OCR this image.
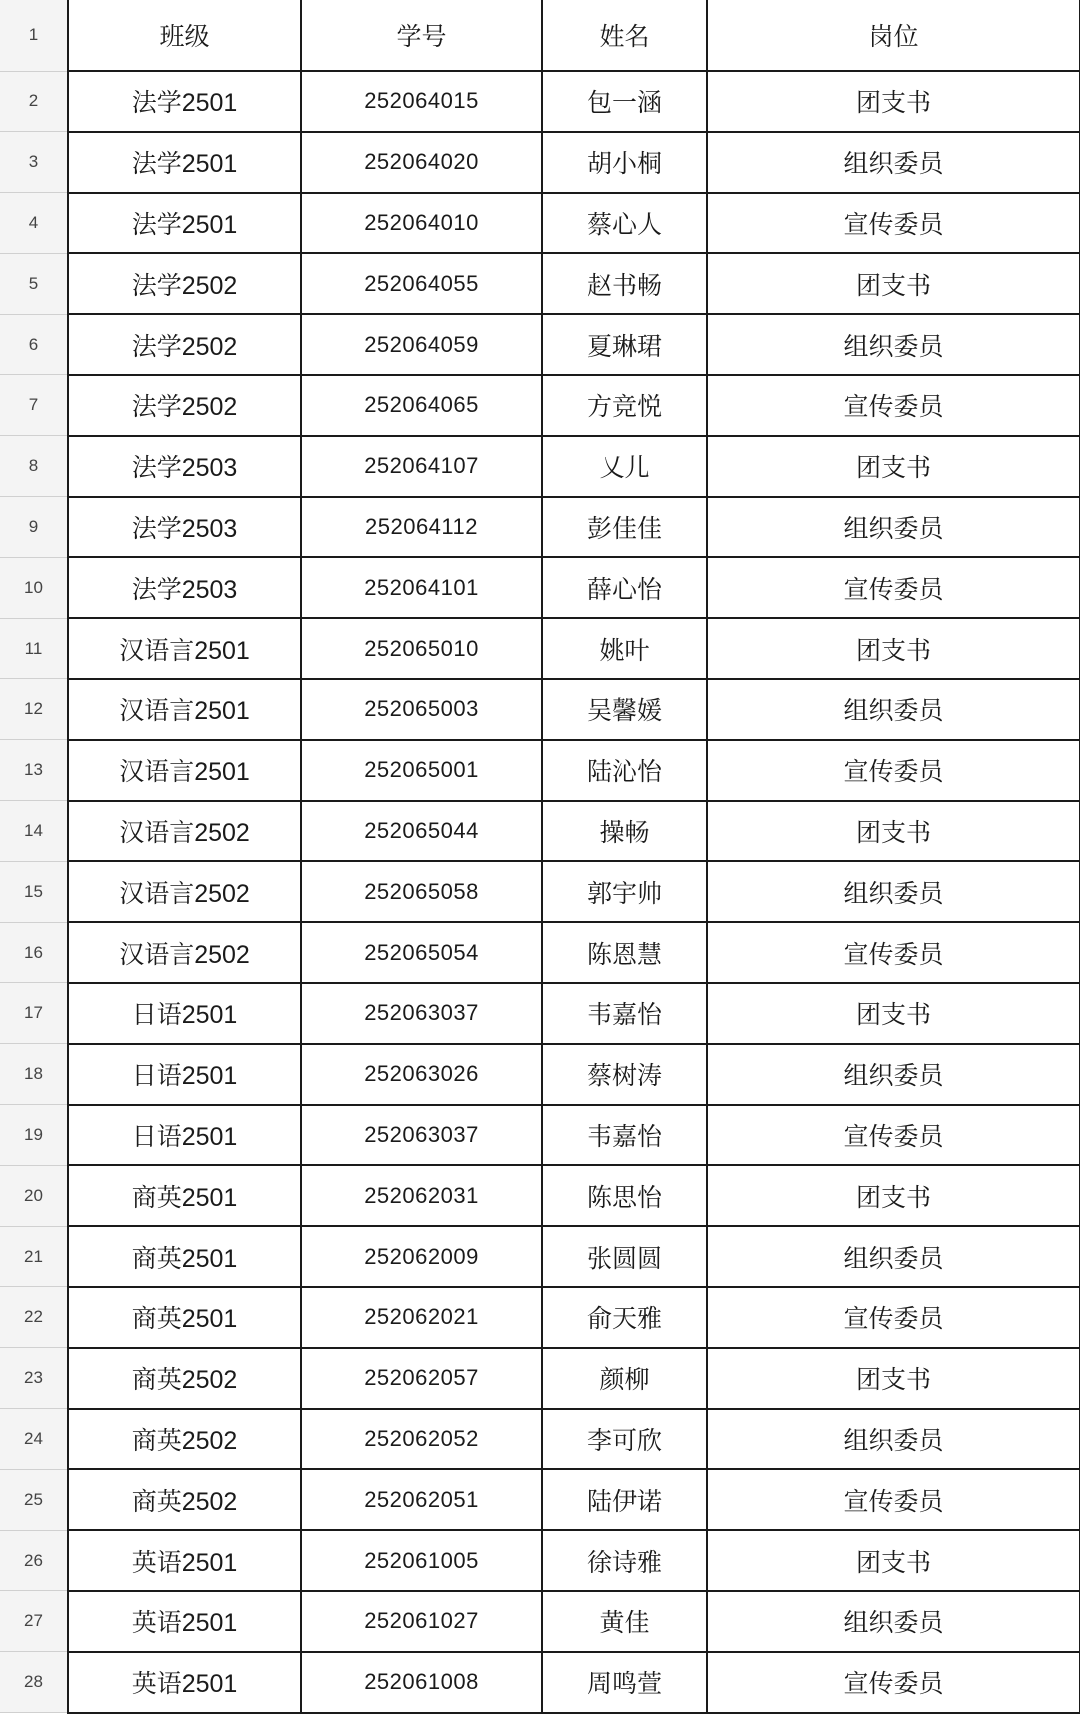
1	班级	学号	姓名	岗位
2	法学2501	252064015	包一涵	团支书
3	法学2501	252064020	胡小桐	组织委员
4	法学2501	252064010	蔡心人	宣传委员
5	法学2502	252064055	赵书畅	团支书
6	法学2502	252064059	夏琳珺	组织委员
7	法学2502	252064065	方竞悦	宣传委员
8	法学2503	252064107	乂儿	团支书
9	法学2503	252064112	彭佳佳	组织委员
10	法学2503	252064101	薛心怡	宣传委员
11	汉语言2501	252065010	姚叶	团支书
12	汉语言2501	252065003	吴馨媛	组织委员
13	汉语言2501	252065001	陆沁怡	宣传委员
14	汉语言2502	252065044	操畅	团支书
15	汉语言2502	252065058	郭宇帅	组织委员
16	汉语言2502	252065054	陈恩慧	宣传委员
17	日语2501	252063037	韦嘉怡	团支书
18	日语2501	252063026	蔡树涛	组织委员
19	日语2501	252063037	韦嘉怡	宣传委员
20	商英2501	252062031	陈思怡	团支书
21	商英2501	252062009	张圆圆	组织委员
22	商英2501	252062021	俞天雅	宣传委员
23	商英2502	252062057	颜柳	团支书
24	商英2502	252062052	李可欣	组织委员
25	商英2502	252062051	陆伊诺	宣传委员
26	英语2501	252061005	徐诗雅	团支书
27	英语2501	252061027	黄佳	组织委员
28	英语2501	252061008	周鸣萱	宣传委员
